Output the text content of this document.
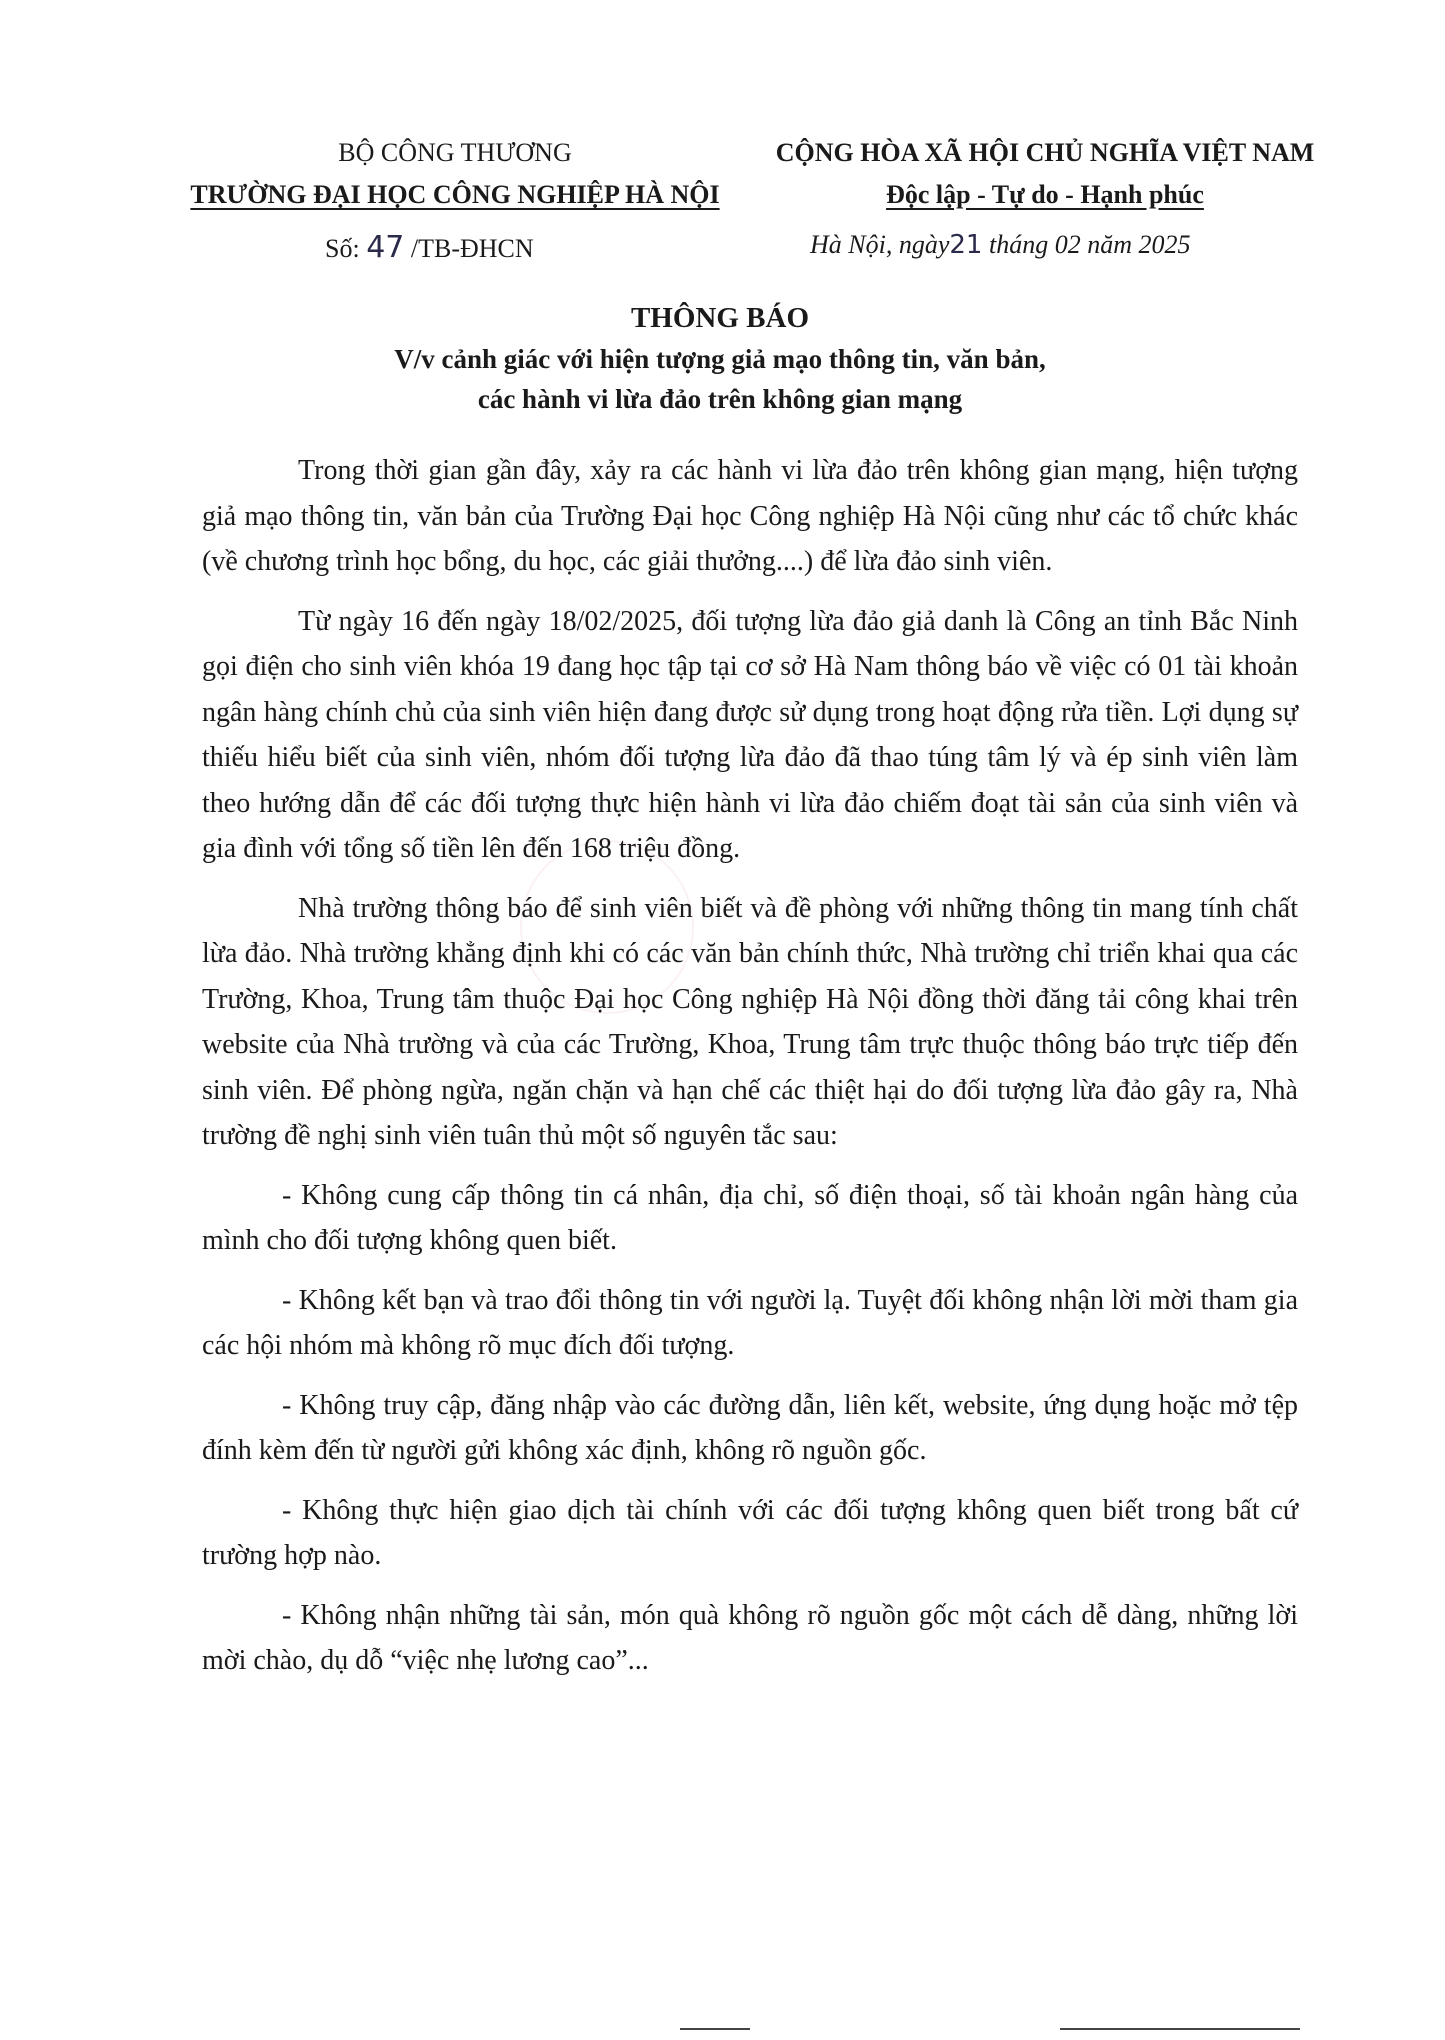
BỘ CÔNG THƯƠNG
TRƯỜNG ĐẠI HỌC CÔNG NGHIỆP HÀ NỘI
CỘNG HÒA XÃ HỘI CHỦ NGHĨA VIỆT NAM
Độc lập - Tự do - Hạnh phúc
Số: 47 /TB-ĐHCN	Hà Nội, ngày21 tháng 02 năm 2025
THÔNG BÁO
V/v cảnh giác với hiện tượng giả mạo thông tin, văn bản,
các hành vi lừa đảo trên không gian mạng

Trong thời gian gần đây, xảy ra các hành vi lừa đảo trên không gian mạng, hiện tượng giả mạo thông tin, văn bản của Trường Đại học Công nghiệp Hà Nội cũng như các tổ chức khác (về chương trình học bổng, du học, các giải thưởng....) để lừa đảo sinh viên.

Từ ngày 16 đến ngày 18/02/2025, đối tượng lừa đảo giả danh là Công an tỉnh Bắc Ninh gọi điện cho sinh viên khóa 19 đang học tập tại cơ sở Hà Nam thông báo về việc có 01 tài khoản ngân hàng chính chủ của sinh viên hiện đang được sử dụng trong hoạt động rửa tiền. Lợi dụng sự thiếu hiểu biết của sinh viên, nhóm đối tượng lừa đảo đã thao túng tâm lý và ép sinh viên làm theo hướng dẫn để các đối tượng thực hiện hành vi lừa đảo chiếm đoạt tài sản của sinh viên và gia đình với tổng số tiền lên đến 168 triệu đồng.

Nhà trường thông báo để sinh viên biết và đề phòng với những thông tin mang tính chất lừa đảo. Nhà trường khẳng định khi có các văn bản chính thức, Nhà trường chỉ triển khai qua các Trường, Khoa, Trung tâm thuộc Đại học Công nghiệp Hà Nội đồng thời đăng tải công khai trên website của Nhà trường và của các Trường, Khoa, Trung tâm trực thuộc thông báo trực tiếp đến sinh viên. Để phòng ngừa, ngăn chặn và hạn chế các thiệt hại do đối tượng lừa đảo gây ra, Nhà trường đề nghị sinh viên tuân thủ một số nguyên tắc sau:

- Không cung cấp thông tin cá nhân, địa chỉ, số điện thoại, số tài khoản ngân hàng của mình cho đối tượng không quen biết.

- Không kết bạn và trao đổi thông tin với người lạ. Tuyệt đối không nhận lời mời tham gia các hội nhóm mà không rõ mục đích đối tượng.

- Không truy cập, đăng nhập vào các đường dẫn, liên kết, website, ứng dụng hoặc mở tệp đính kèm đến từ người gửi không xác định, không rõ nguồn gốc.

- Không thực hiện giao dịch tài chính với các đối tượng không quen biết trong bất cứ trường hợp nào.

- Không nhận những tài sản, món quà không rõ nguồn gốc một cách dễ dàng, những lời mời chào, dụ dỗ “việc nhẹ lương cao”...
